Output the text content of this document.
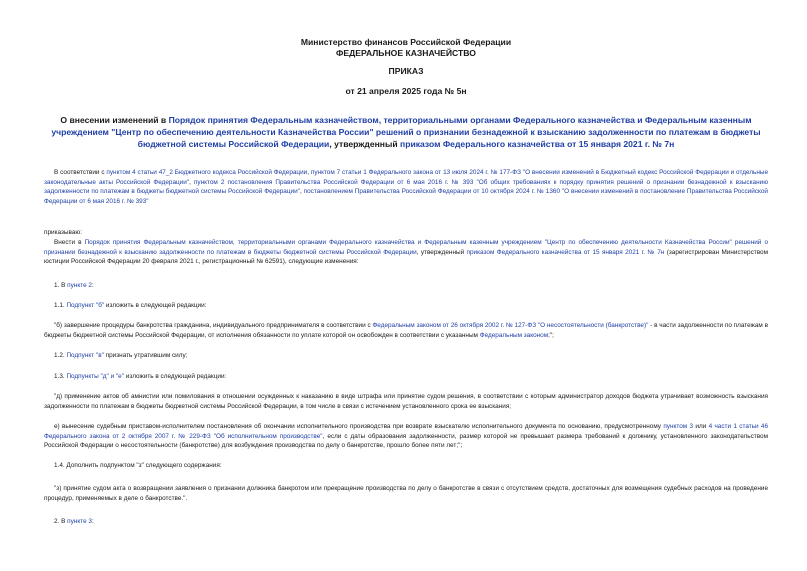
Министерство финансов Российской Федерации
ФЕДЕРАЛЬНОЕ КАЗНАЧЕЙСТВО
ПРИКАЗ
от 21 апреля 2025 года № 5н
О внесении изменений в Порядок принятия Федеральным казначейством, территориальными органами Федерального казначейства и Федеральным казенным учреждением "Центр по обеспечению деятельности Казначейства России" решений о признании безнадежной к взысканию задолженности по платежам в бюджеты бюджетной системы Российской Федерации, утвержденный приказом Федерального казначейства от 15 января 2021 г. № 7н
В соответствии с пунктом 4 статьи 47_2 Бюджетного кодекса Российской Федерации, пунктом 7 статьи 1 Федерального закона от 13 июля 2024 г. № 177-ФЗ "О внесении изменений в Бюджетный кодекс Российской Федерации и отдельные законодательные акты Российской Федерации", пунктом 2 постановления Правительства Российской Федерации от 6 мая 2016 г. № 393 "Об общих требованиях к порядку принятия решений о признании безнадежной к взысканию задолженности по платежам в бюджеты бюджетной системы Российской Федерации", постановлением Правительства Российской Федерации от 10 октября 2024 г. № 1360 "О внесении изменений в постановление Правительства Российской Федерации от 6 мая 2016 г. № 393"
приказываю:
Внести в Порядок принятия Федеральным казначейством, территориальными органами Федерального казначейства и Федеральным казенным учреждением "Центр по обеспечению деятельности Казначейства России" решений о признании безнадежной к взысканию задолженности по платежам в бюджеты бюджетной системы Российской Федерации, утвержденный приказом Федерального казначейства от 15 января 2021 г. № 7н (зарегистрирован Министерством юстиции Российской Федерации 20 февраля 2021 г., регистрационный № 62591), следующие изменения:
1. В пункте 2:
1.1. Подпункт "б" изложить в следующей редакции:
"б) завершение процедуры банкротства гражданина, индивидуального предпринимателя в соответствии с Федеральным законом от 26 октября 2002 г. № 127-ФЗ "О несостоятельности (банкротстве)" - в части задолженности по платежам в бюджеты бюджетной системы Российской Федерации, от исполнения обязанности по уплате которой он освобожден в соответствии с указанным Федеральным законом;";
1.2. Подпункт "в" признать утратившим силу;
1.3. Подпункты "д" и "е" изложить в следующей редакции:
"д) применение актов об амнистии или помилования в отношении осужденных к наказанию в виде штрафа или принятие судом решения, в соответствии с которым администратор доходов бюджета утрачивает возможность взыскания задолженности по платежам в бюджеты бюджетной системы Российской Федерации, в том числе в связи с истечением установленного срока ее взыскания;
е) вынесение судебным приставом-исполнителем постановления об окончании исполнительного производства при возврате взыскателю исполнительного документа по основанию, предусмотренному пунктом 3 или 4 части 1 статьи 46 Федерального закона от 2 октября 2007 г. № 229-ФЗ "Об исполнительном производстве", если с даты образования задолженности, размер которой не превышает размера требований к должнику, установленного законодательством Российской Федерации о несостоятельности (банкротстве) для возбуждения производства по делу о банкротстве, прошло более пяти лет;";
1.4. Дополнить подпунктом "з" следующего содержания:
"з) принятие судом акта о возвращении заявления о признании должника банкротом или прекращение производства по делу о банкротстве в связи с отсутствием средств, достаточных для возмещения судебных расходов на проведение процедур, применяемых в деле о банкротстве.".
2. В пункте 3:
